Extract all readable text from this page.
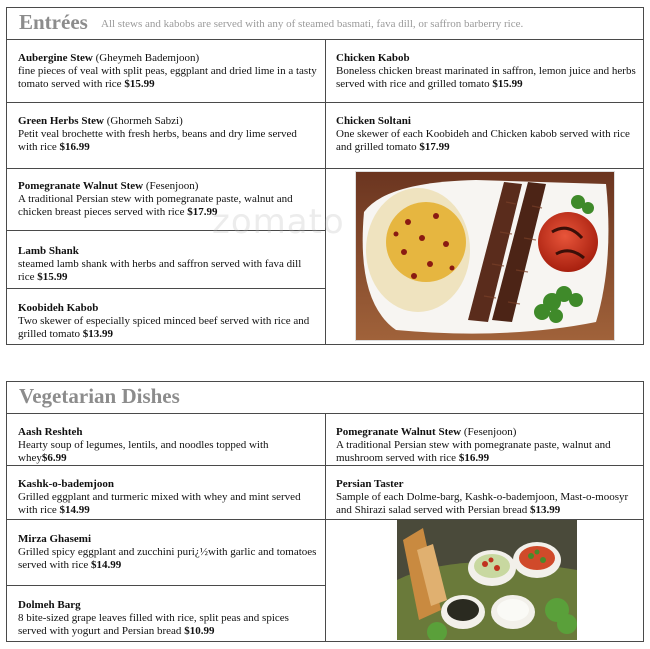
Entrées All stews and kabobs are served with any of steamed basmati, fava dill, or saffron barberry rice.
Aubergine Stew (Gheymeh Bademjoon)
fine pieces of veal with split peas, eggplant and dried lime in a tasty tomato served with rice $15.99
Chicken Kabob
Boneless chicken breast marinated in saffron, lemon juice and herbs served with rice and grilled tomato $15.99
Green Herbs Stew (Ghormeh Sabzi)
Petit veal brochette with fresh herbs, beans and dry lime served with rice $16.99
Chicken Soltani
One skewer of each Koobideh and Chicken kabob served with rice and grilled tomato $17.99
Pomegranate Walnut Stew (Fesenjoon)
A traditional Persian stew with pomegranate paste, walnut and chicken breast pieces served with rice $17.99
Lamb Shank
steamed lamb shank with herbs and saffron served with fava dill rice $15.99
Koobideh Kabob
Two skewer of especially spiced minced beef served with rice and grilled tomato $13.99
Vegetarian Dishes
Aash Reshteh
Hearty soup of legumes, lentils, and noodles topped with whey$6.99
Pomegranate Walnut Stew (Fesenjoon)
A traditional Persian stew with pomegranate paste, walnut and mushroom served with rice $16.99
Kashk-o-bademjoon
Grilled eggplant and turmeric mixed with whey and mint served with rice $14.99
Persian Taster
Sample of each Dolme-barg, Kashk-o-bademjoon, Mast-o-moosyr and Shirazi salad served with Persian bread $13.99
Mirza Ghasemi
Grilled spicy eggplant and zucchini puri¿½with garlic and tomatoes served with rice $14.99
Dolmeh Barg
8 bite-sized grape leaves filled with rice, split peas and spices served with yogurt and Persian bread $10.99
zomato
